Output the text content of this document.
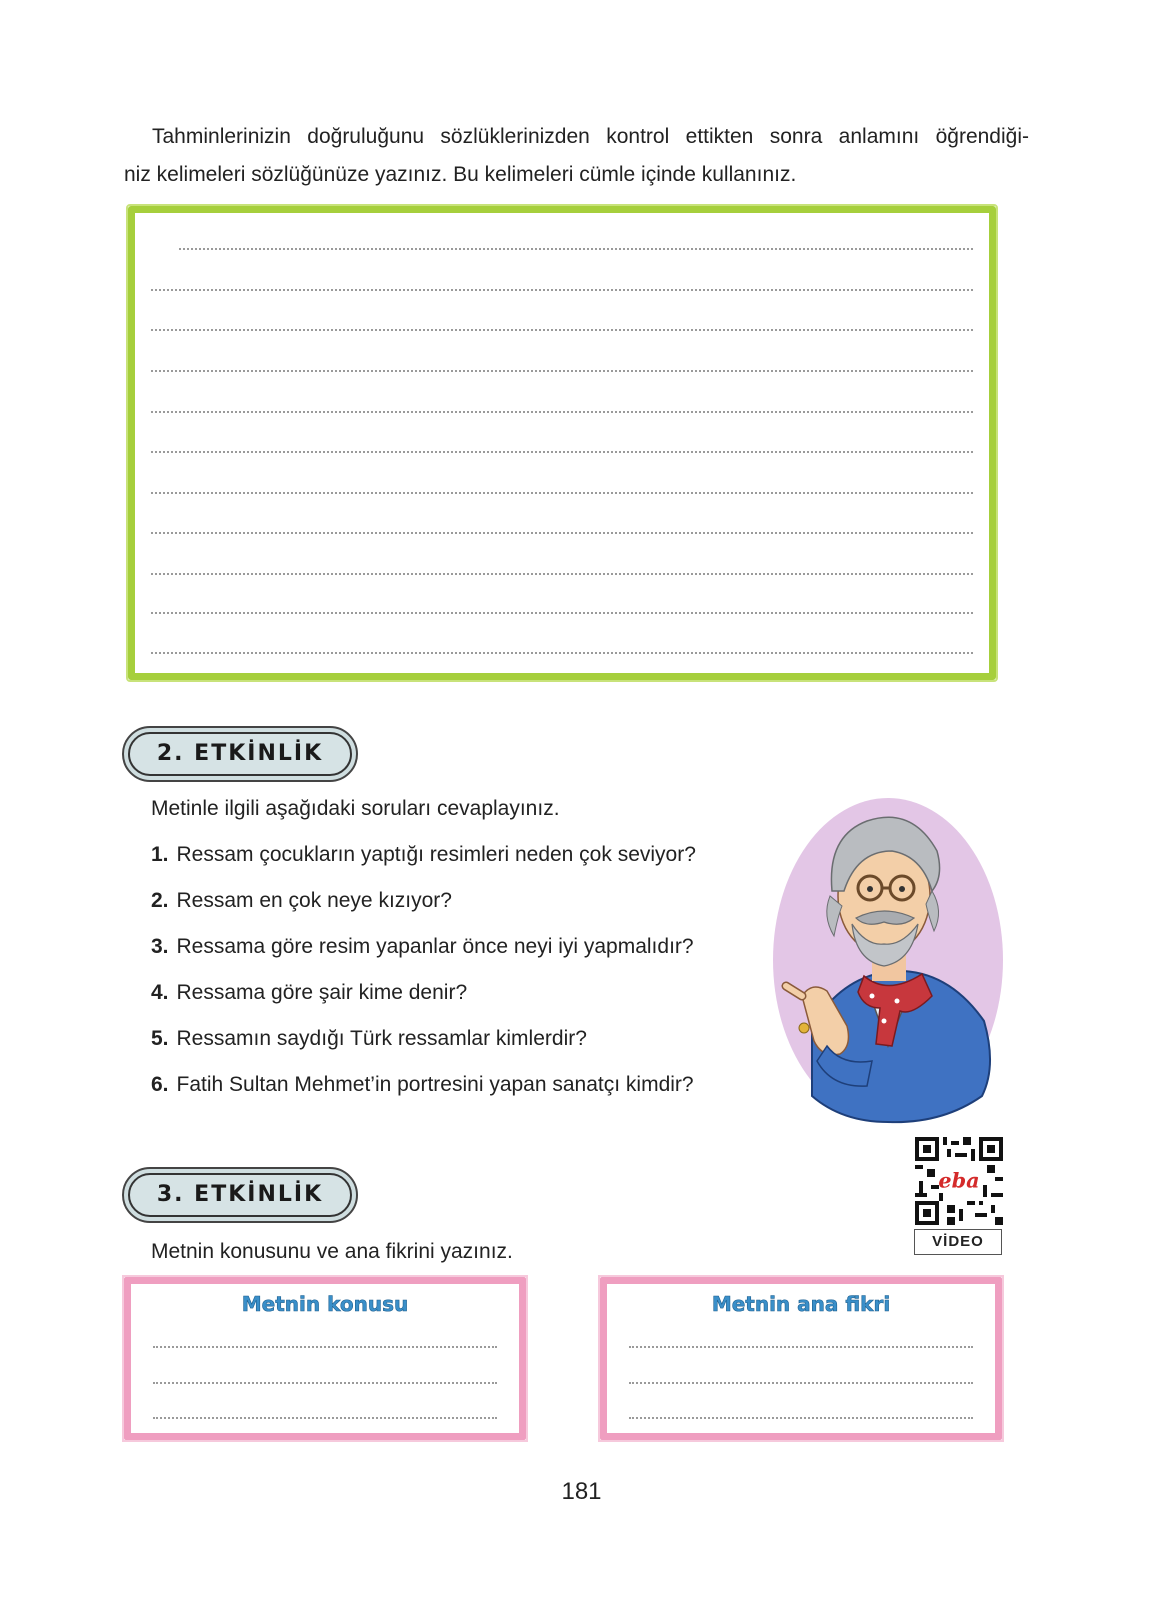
Tahminlerinizin doğruluğunu sözlüklerinizden kontrol ettikten sonra anlamını öğrendiği-
niz kelimeleri sözlüğünüze yazınız. Bu kelimeleri cümle içinde kullanınız.
2. ETKİNLİK
Metinle ilgili aşağıdaki soruları cevaplayınız.
1. Ressam çocukların yaptığı resimleri neden çok seviyor?
2. Ressam en çok neye kızıyor?
3. Ressama göre resim yapanlar önce neyi iyi yapmalıdır?
4. Ressama göre şair kime denir?
5. Ressamın saydığı Türk ressamlar kimlerdir?
6. Fatih Sultan Mehmet’in portresini yapan sanatçı kimdir?
eba
VİDEO
3. ETKİNLİK
Metnin konusunu ve ana fikrini yazınız.
Metnin konusu	Metnin ana fikri
181
